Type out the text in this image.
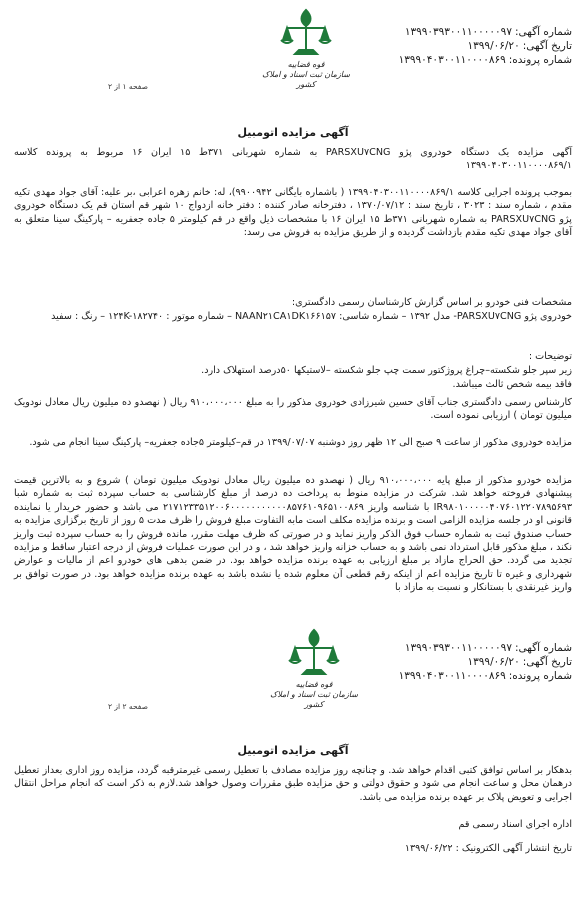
شماره آگهی:۱۳۹۹۰۳۹۳۰۰۱۱۰۰۰۰۰۹۷
تاریخ آگهی:۱۳۹۹/۰۶/۲۰
شماره پرونده:۱۳۹۹۰۴۰۳۰۰۱۱۰۰۰۰۸۶۹
قوه قضاییه
سازمان ثبت اسناد و املاک کشور
صفحه ۱ از ۲
آگهی مزایده اتومبیل
آگهی مزایده یک دستگاه خودروی پژو PARSXU۷CNG به شماره شهربانی ۳۷۱ط ۱۵ ایران ۱۶ مربوط به پرونده کلاسه ۱۳۹۹۰۴۰۳۰۰۱۱۰۰۰۰۸۶۹/۱
بموجب پرونده اجرایی کلاسه ۱۳۹۹۰۴۰۳۰۰۱۱۰۰۰۰۸۶۹/۱ ( باشماره بایگانی ۹۹۰۰۹۴۲)، له: خانم زهره اعرابی ،بر علیه: آقای جواد مهدی تکیه مقدم ، شماره سند : ۳۰۲۳ ، تاریخ سند : ۱۳۷۰/۰۷/۱۲ ، دفترخانه صادر کننده : دفتر خانه ازدواج ۱۰ شهر قم استان قم یک دستگاه خودروی پژو PARSXU۷CNG به شماره شهربانی ۳۷۱ط ۱۵ ایران ۱۶ با مشخصات ذیل واقع در قم کیلومتر ۵ جاده جعفریه – پارکینگ سینا متعلق به آقای جواد مهدی تکیه مقدم بازداشت گردیده و از طریق مزایده به فروش می رسد:
مشخصات فنی خودرو بر اساس گزارش کارشناسان رسمی دادگستری:
خودروی پژو PARSXU۷CNG- مدل ۱۳۹۲ – شماره شاسی: NAAN۲۱CA۱DK۱۶۶۱۵۷ – شماره موتور : ۱۲۴K-۱۸۲۷۴۰ – رنگ : سفید
توضیحات :
زیر سپر جلو شکسته–چراغ پروژکتور سمت چپ جلو شکسته –لاستیکها ۵۰درصد استهلاک دارد.
فاقد بیمه شخص ثالث میباشد.
کارشناس رسمی دادگستری جناب آقای حسین شیرزادی خودروی مذکور را به مبلغ ۹۱۰،۰۰۰،۰۰۰ ریال ( نهصدو ده میلیون ریال معادل نودویک میلیون تومان ) ارزیابی نموده است.
مزایده خودروی مذکور از ساعت ۹ صبح الی ۱۲ ظهر روز دوشنبه ۱۳۹۹/۰۷/۰۷ در قم–کیلومتر ۵جاده جعفریه– پارکینگ سینا انجام می شود.
مزایده خودرو مذکور از مبلغ پایه ۹۱۰،۰۰۰،۰۰۰ ریال ( نهصدو ده میلیون ریال معادل نودویک میلیون تومان ) شروع و به بالاترین قیمت پیشنهادی فروخته خواهد شد. شرکت در مزایده منوط به پرداخت ده درصد از مبلغ کارشناسی به حساب سپرده ثبت به شماره شبا IR۹۸۰۱۰۰۰۰۰۴۰۷۶۰۱۲۲۰۷۸۹۵۶۹۳ با شناسه واریز ۲۱۷۱۲۳۳۵۱۲۰۰۶۰۰۰۰۰۰۰۰۰۰۰۸۵۷۶۱۰۹۶۵۱۰۰۸۶۹ می باشد و حضور خریدار یا نماینده قانونی او در جلسه مزایده الزامی است و برنده مزایده مکلف است مابه التفاوت مبلغ فروش را ظرف مدت ۵ روز از تاریخ برگزاری مزایده به حساب صندوق ثبت به شماره حساب فوق الذکر واریز نماید و در صورتی که ظرف مهلت مقرر، مانده فروش را به حساب سپرده ثبت واریز نکند ، مبلغ مذکور قابل استرداد نمی باشد و به حساب خزانه واریز خواهد شد ، و در این صورت عملیات فروش از درجه اعتبار ساقط و مزایده تجدید می گردد. حق الحراج مازاد بر مبلغ ارزیابی به عهده برنده مزایده خواهد بود. در ضمن بدهی های خودرو اعم از مالیات و عوارض شهرداری و غیره تا تاریخ مزایده اعم از اینکه رقم قطعی آن معلوم شده یا نشده باشد به عهده برنده مزایده خواهد بود. در صورت توافق بر واریز غیرنقدی با بستانکار و نسبت به مازاد با
شماره آگهی:۱۳۹۹۰۳۹۳۰۰۱۱۰۰۰۰۰۹۷
تاریخ آگهی:۱۳۹۹/۰۶/۲۰
شماره پرونده:۱۳۹۹۰۴۰۳۰۰۱۱۰۰۰۰۸۶۹
قوه قضاییه
سازمان ثبت اسناد و املاک کشور
صفحه ۲ از ۲
آگهی مزایده اتومبیل
بدهکار بر اساس توافق کتبی اقدام خواهد شد. و چنانچه روز مزایده مصادف با تعطیل رسمی غیرمترقبه گردد، مزایده روز اداری بعداز تعطیل درهمان محل و ساعت انجام می شود و حقوق دولتی و حق مزایده طبق مقررات وصول خواهد شد.لازم به ذکر است که انجام مراحل انتقال اجرایی و تعویض پلاک بر عهده برنده مزایده می باشد.
اداره اجرای اسناد رسمی قم
تاریخ انتشار آگهی الکترونیک : ۱۳۹۹/۰۶/۲۲
